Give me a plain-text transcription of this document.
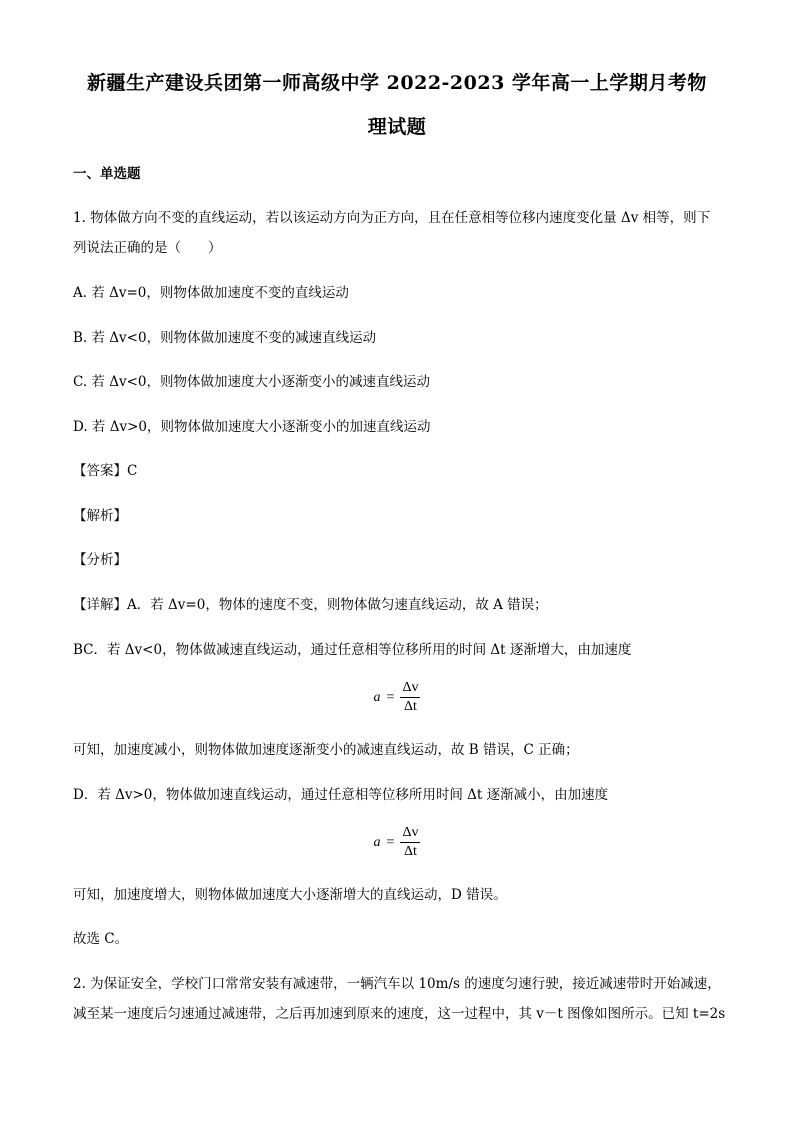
新疆生产建设兵团第一师高级中学 2022-2023 学年高一上学期月考物
理试题
一、单选题
1. 物体做方向不变的直线运动，若以该运动方向为正方向，且在任意相等位移内速度变化量 Δv 相等，则下
列说法正确的是（　　）
A. 若 Δv=0，则物体做加速度不变的直线运动
B. 若 Δv<0，则物体做加速度不变的减速直线运动
C. 若 Δv<0，则物体做加速度大小逐渐变小的减速直线运动
D. 若 Δv>0，则物体做加速度大小逐渐变小的加速直线运动
【答案】C
【解析】
【分析】
【详解】A．若 Δv=0，物体的速度不变，则物体做匀速直线运动，故 A 错误；
BC．若 Δv<0，物体做减速直线运动，通过任意相等位移所用的时间 Δt 逐渐增大，由加速度
$a = \frac{\Delta v}{\Delta t}$
可知，加速度减小，则物体做加速度逐渐变小的减速直线运动，故 B 错误，C 正确；
D．若 Δv>0，物体做加速直线运动，通过任意相等位移所用时间 Δt 逐渐减小，由加速度
$a = \frac{\Delta v}{\Delta t}$
可知，加速度增大，则物体做加速度大小逐渐增大的直线运动，D 错误。
故选 C。
2. 为保证安全，学校门口常常安装有减速带，一辆汽车以 10m/s 的速度匀速行驶，接近减速带时开始减速，
减至某一速度后匀速通过减速带，之后再加速到原来的速度，这一过程中，其 v－t 图像如图所示。已知 t=2s
